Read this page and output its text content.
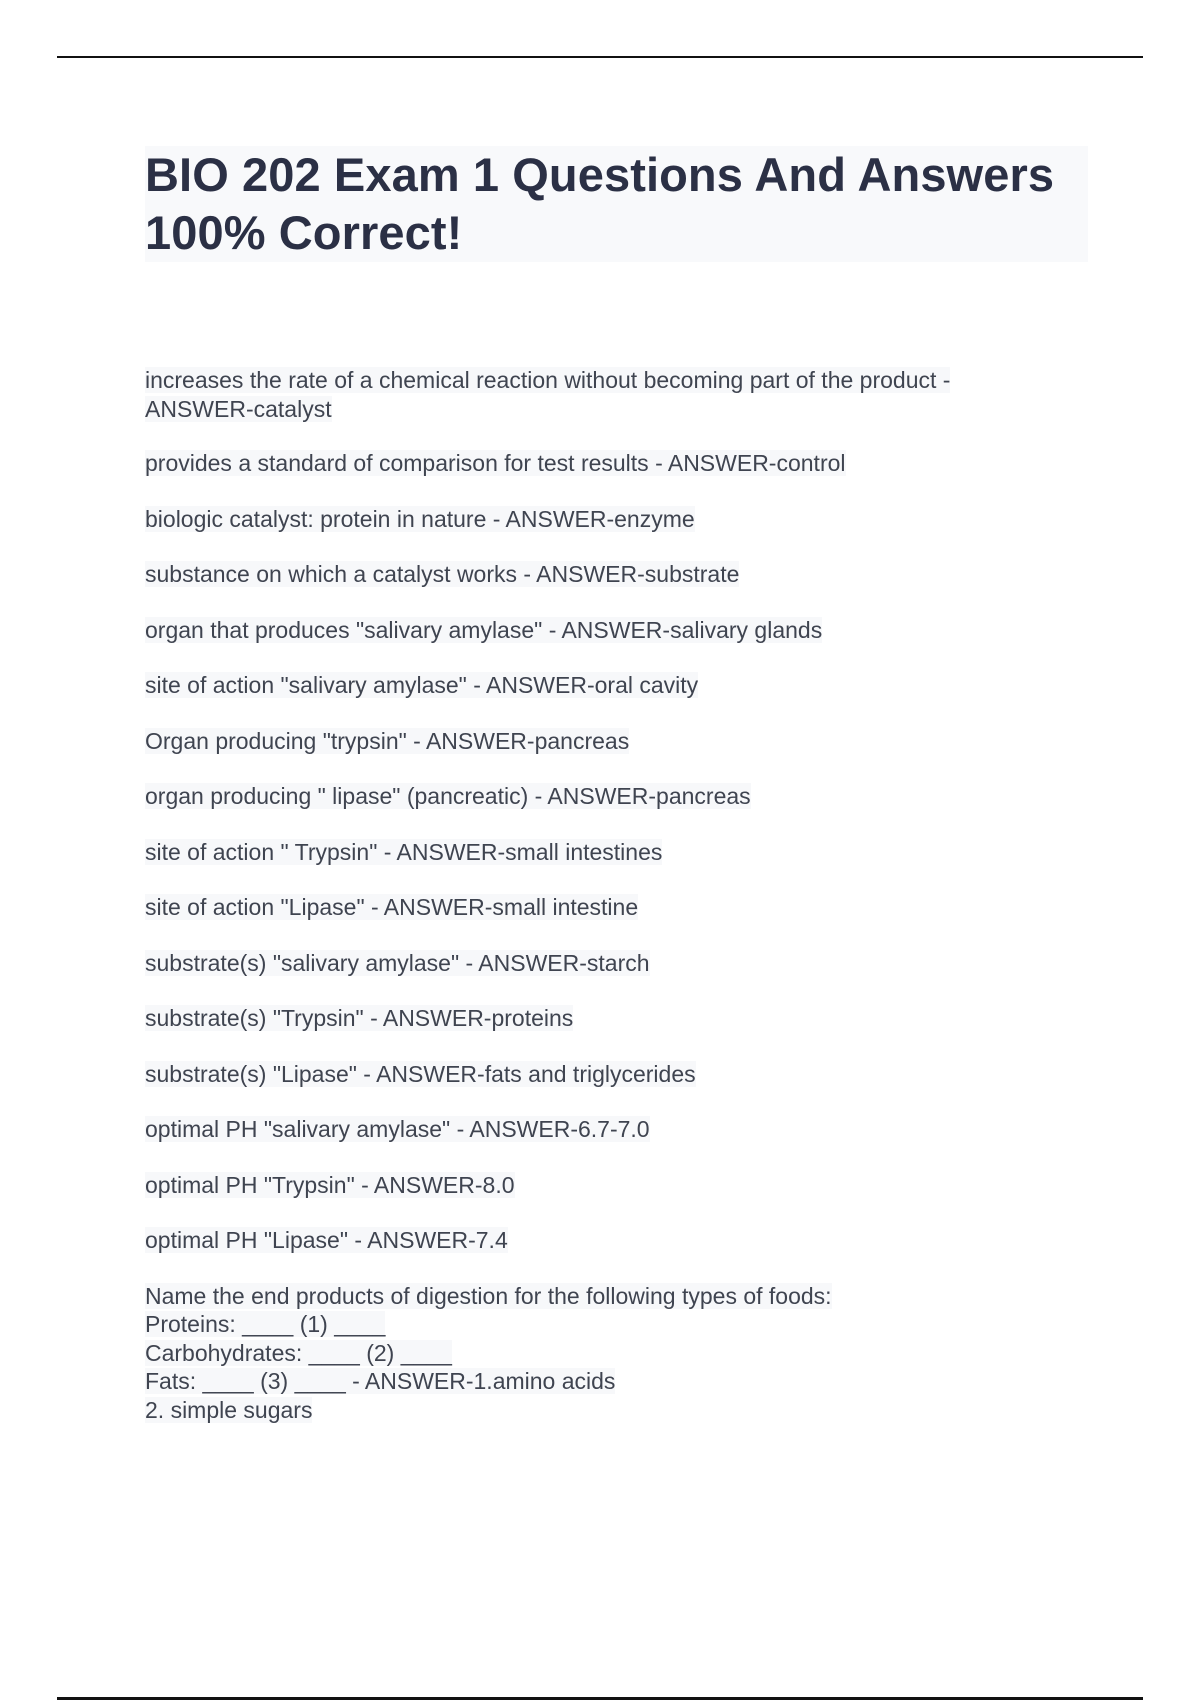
BIO 202 Exam 1 Questions And Answers
100% Correct!
increases the rate of a chemical reaction without becoming part of the product -
ANSWER-catalyst
provides a standard of comparison for test results - ANSWER-control
biologic catalyst: protein in nature - ANSWER-enzyme
substance on which a catalyst works - ANSWER-substrate
organ that produces "salivary amylase" - ANSWER-salivary glands
site of action "salivary amylase" - ANSWER-oral cavity
Organ producing "trypsin" - ANSWER-pancreas
organ producing " lipase" (pancreatic) - ANSWER-pancreas
site of action " Trypsin" - ANSWER-small intestines
site of action "Lipase" - ANSWER-small intestine
substrate(s) "salivary amylase" - ANSWER-starch
substrate(s) "Trypsin" - ANSWER-proteins
substrate(s) "Lipase" - ANSWER-fats and triglycerides
optimal PH "salivary amylase" - ANSWER-6.7-7.0
optimal PH "Trypsin" - ANSWER-8.0
optimal PH "Lipase" - ANSWER-7.4
Name the end products of digestion for the following types of foods:
Proteins: ____ (1) ____
Carbohydrates: ____ (2) ____
Fats: ____ (3) ____ - ANSWER-1.amino acids
2. simple sugars
